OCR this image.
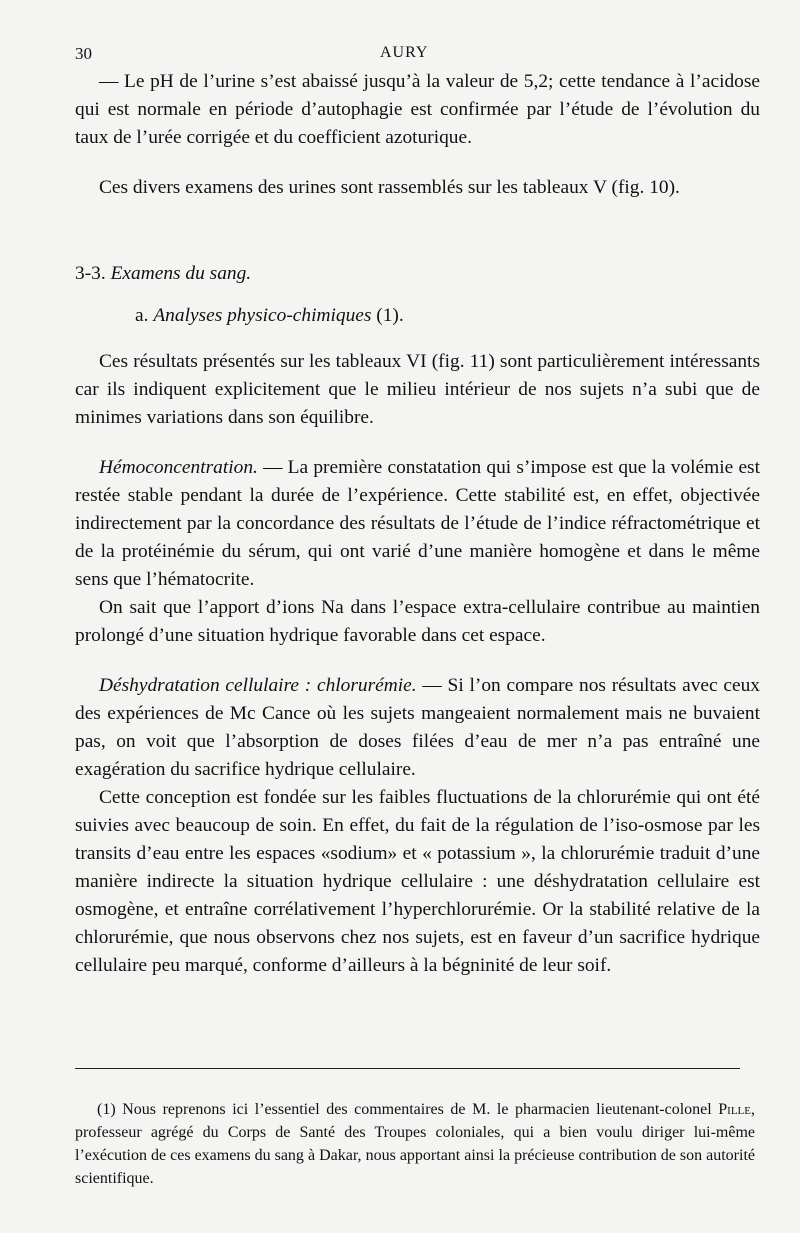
30	AURY

— Le pH de l’urine s’est abaissé jusqu’à la valeur de 5,2; cette tendance à l’acidose qui est normale en période d’autophagie est confirmée par l’étude de l’évolution du taux de l’urée corrigée et du coefficient azoturique.

Ces divers examens des urines sont rassemblés sur les tableaux V (fig. 10).

3-3. Examens du sang.
a. Analyses physico-chimiques (1).

Ces résultats présentés sur les tableaux VI (fig. 11) sont particulièrement intéressants car ils indiquent explicitement que le milieu intérieur de nos sujets n’a subi que de minimes variations dans son équilibre.

Hémoconcentration. — La première constatation qui s’impose est que la volémie est restée stable pendant la durée de l’expérience. Cette stabilité est, en effet, objectivée indirectement par la concordance des résultats de l’étude de l’indice réfractométrique et de la protéinémie du sérum, qui ont varié d’une manière homogène et dans le même sens que l’hématocrite.

On sait que l’apport d’ions Na dans l’espace extra-cellulaire contribue au maintien prolongé d’une situation hydrique favorable dans cet espace.

Déshydratation cellulaire : chlorurémie. — Si l’on compare nos résultats avec ceux des expériences de Mc Cance où les sujets mangeaient normalement mais ne buvaient pas, on voit que l’absorption de doses filées d’eau de mer n’a pas entraîné une exagération du sacrifice hydrique cellulaire.

Cette conception est fondée sur les faibles fluctuations de la chlorurémie qui ont été suivies avec beaucoup de soin. En effet, du fait de la régulation de l’iso-osmose par les transits d’eau entre les espaces «sodium» et « potassium », la chlorurémie traduit d’une manière indirecte la situation hydrique cellulaire : une déshydratation cellulaire est osmogène, et entraîne corrélativement l’hyperchlorurémie. Or la stabilité relative de la chlorurémie, que nous observons chez nos sujets, est en faveur d’un sacrifice hydrique cellulaire peu marqué, conforme d’ailleurs à la bégninité de leur soif.

(1) Nous reprenons ici l’essentiel des commentaires de M. le pharmacien lieutenant-colonel Pille, professeur agrégé du Corps de Santé des Troupes coloniales, qui a bien voulu diriger lui-même l’exécution de ces examens du sang à Dakar, nous apportant ainsi la précieuse contribution de son autorité scientifique.
